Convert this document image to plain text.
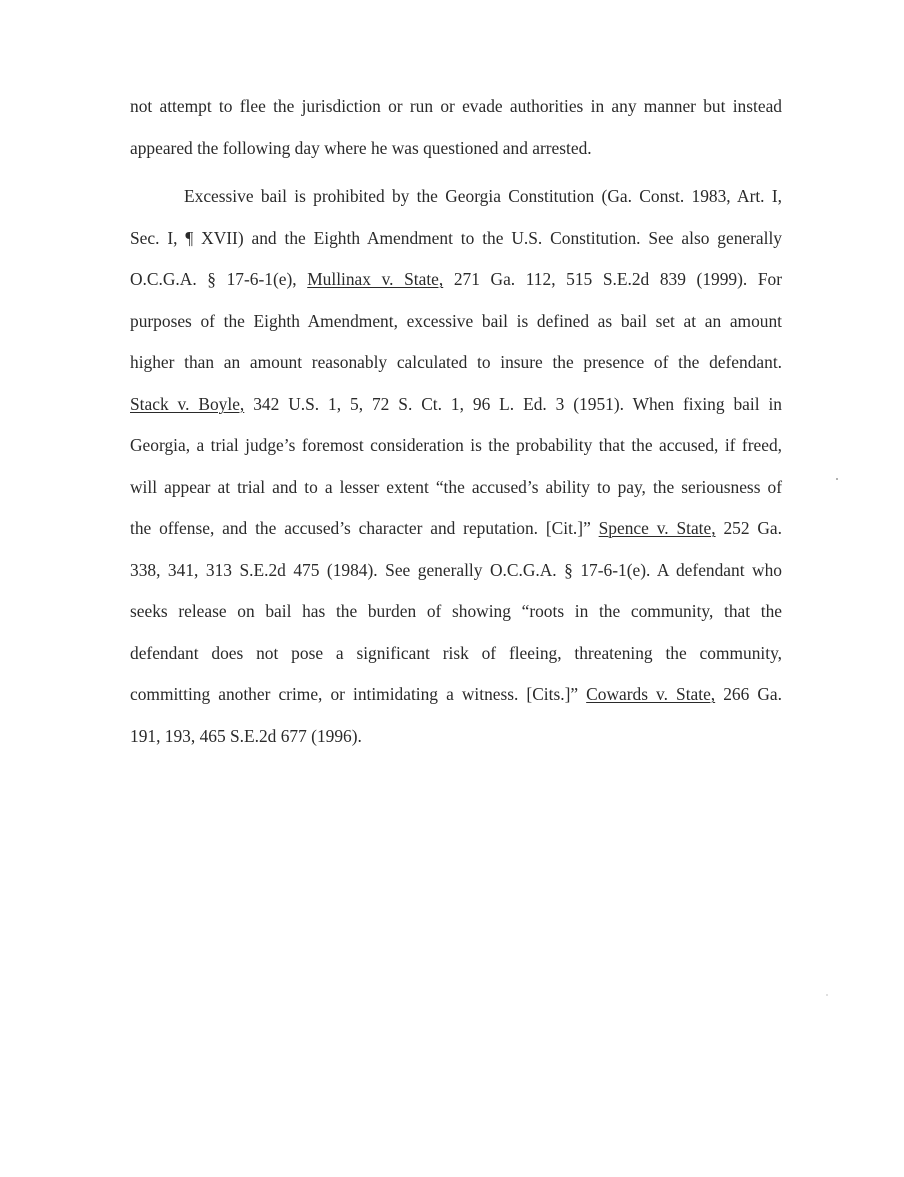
not attempt to flee the jurisdiction or run or evade authorities in any manner but instead
appeared the following day where he was questioned and arrested.
Excessive bail is prohibited by the Georgia Constitution (Ga. Const. 1983, Art. I,
Sec. I, ¶ XVII) and the Eighth Amendment to the U.S. Constitution. See also generally
O.C.G.A. § 17-6-1(e), Mullinax v. State, 271 Ga. 112, 515 S.E.2d 839 (1999). For
purposes of the Eighth Amendment, excessive bail is defined as bail set at an amount
higher than an amount reasonably calculated to insure the presence of the defendant.
Stack v. Boyle, 342 U.S. 1, 5, 72 S. Ct. 1, 96 L. Ed. 3 (1951). When fixing bail in
Georgia, a trial judge’s foremost consideration is the probability that the accused, if freed,
will appear at trial and to a lesser extent “the accused’s ability to pay, the seriousness of
the offense, and the accused’s character and reputation. [Cit.]” Spence v. State, 252 Ga.
338, 341, 313 S.E.2d 475 (1984). See generally O.C.G.A. § 17-6-1(e). A defendant who
seeks release on bail has the burden of showing “roots in the community, that the
defendant does not pose a significant risk of fleeing, threatening the community,
committing another crime, or intimidating a witness. [Cits.]” Cowards v. State, 266 Ga.
191, 193, 465 S.E.2d 677 (1996).
